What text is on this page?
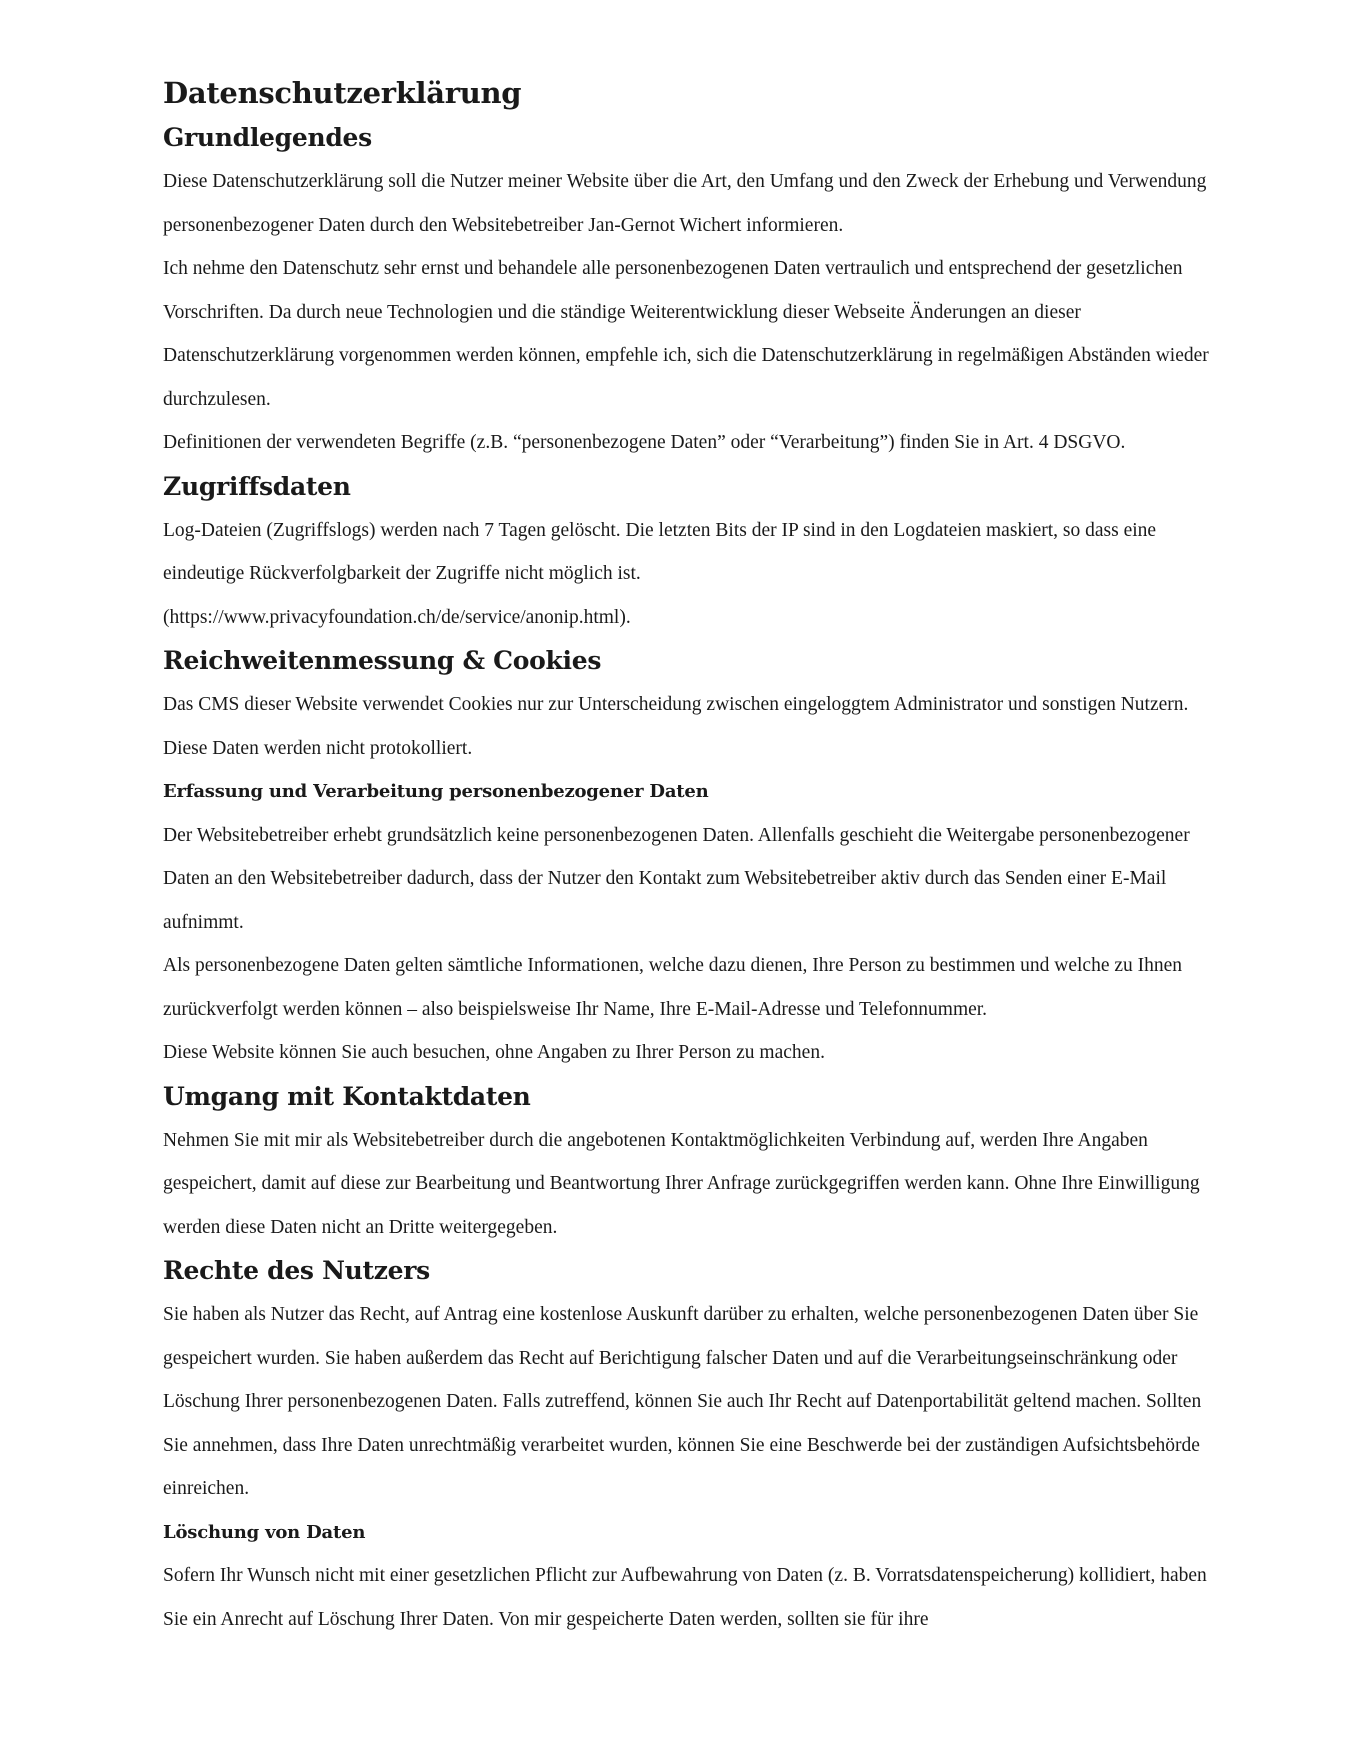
Datenschutzerklärung
Grundlegendes

Diese Datenschutzerklärung soll die Nutzer meiner Website über die Art, den Umfang und den Zweck der Erhebung und Verwendung personenbezogener Daten durch den Websitebetreiber Jan-Gernot Wichert informieren.

Ich nehme den Datenschutz sehr ernst und behandele alle personenbezogenen Daten vertraulich und entsprechend der gesetzlichen Vorschriften. Da durch neue Technologien und die ständige Weiterentwicklung dieser Webseite Änderungen an dieser Datenschutzerklärung vorgenommen werden können, empfehle ich, sich die Datenschutzerklärung in regelmäßigen Abständen wieder durchzulesen.

Definitionen der verwendeten Begriffe (z.B. “personenbezogene Daten” oder “Verarbeitung”) finden Sie in Art. 4 DSGVO.

Zugriffsdaten

Log-Dateien (Zugriffslogs) werden nach 7 Tagen gelöscht. Die letzten Bits der IP sind in den Logdateien maskiert, so dass eine eindeutige Rückverfolgbarkeit der Zugriffe nicht möglich ist.

(https://www.privacyfoundation.ch/de/service/anonip.html).

Reichweitenmessung & Cookies

Das CMS dieser Website verwendet Cookies nur zur Unterscheidung zwischen eingeloggtem Administrator und sonstigen Nutzern. Diese Daten werden nicht protokolliert.

Erfassung und Verarbeitung personenbezogener Daten

Der Websitebetreiber erhebt grundsätzlich keine personenbezogenen Daten. Allenfalls geschieht die Weitergabe personenbezogener Daten an den Websitebetreiber dadurch, dass der Nutzer den Kontakt zum Websitebetreiber aktiv durch das Senden einer E-Mail aufnimmt.

Als personenbezogene Daten gelten sämtliche Informationen, welche dazu dienen, Ihre Person zu bestimmen und welche zu Ihnen zurückverfolgt werden können – also beispielsweise Ihr Name, Ihre E-Mail-Adresse und Telefonnummer.

Diese Website können Sie auch besuchen, ohne Angaben zu Ihrer Person zu machen.

Umgang mit Kontaktdaten

Nehmen Sie mit mir als Websitebetreiber durch die angebotenen Kontaktmöglichkeiten Verbindung auf, werden Ihre Angaben gespeichert, damit auf diese zur Bearbeitung und Beantwortung Ihrer Anfrage zurückgegriffen werden kann. Ohne Ihre Einwilligung werden diese Daten nicht an Dritte weitergegeben.

Rechte des Nutzers

Sie haben als Nutzer das Recht, auf Antrag eine kostenlose Auskunft darüber zu erhalten, welche personenbezogenen Daten über Sie gespeichert wurden. Sie haben außerdem das Recht auf Berichtigung falscher Daten und auf die Verarbeitungseinschränkung oder Löschung Ihrer personenbezogenen Daten. Falls zutreffend, können Sie auch Ihr Recht auf Datenportabilität geltend machen. Sollten Sie annehmen, dass Ihre Daten unrechtmäßig verarbeitet wurden, können Sie eine Beschwerde bei der zuständigen Aufsichtsbehörde einreichen.

Löschung von Daten

Sofern Ihr Wunsch nicht mit einer gesetzlichen Pflicht zur Aufbewahrung von Daten (z. B. Vorratsdatenspeicherung) kollidiert, haben Sie ein Anrecht auf Löschung Ihrer Daten. Von mir gespeicherte Daten werden, sollten sie für ihre
